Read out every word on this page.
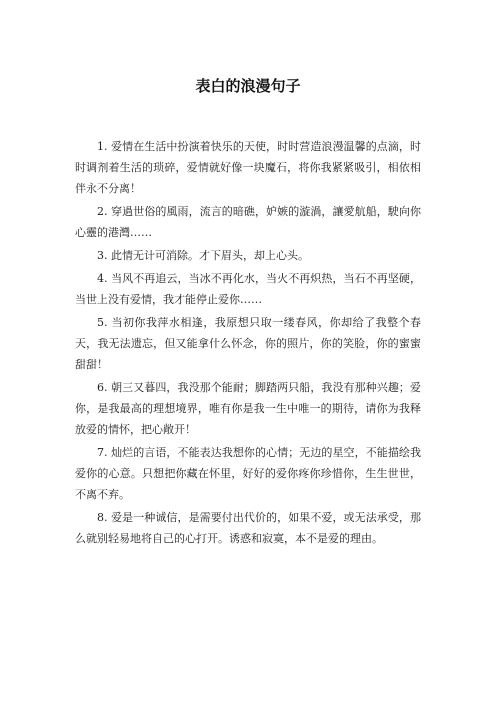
表白的浪漫句子

1. 爱情在生活中扮演着快乐的天使，时时营造浪漫温馨的点滴，时时调剂着生活的琐碎，爱情就好像一块魔石，将你我紧紧吸引，相依相伴永不分离！

2. 穿過世俗的風雨，流言的暗礁，妒嫉的漩渦，讓愛航船，駛向你心靈的港灣……

3. 此情无计可消除。才下眉头，却上心头。

4. 当风不再追云，当冰不再化水，当火不再炽热，当石不再坚硬，当世上没有爱情，我才能停止爱你……

5. 当初你我萍水相逢，我原想只取一缕春风，你却给了我整个春天，我无法遗忘，但又能拿什么怀念，你的照片，你的笑脸，你的蜜蜜甜甜！

6. 朝三又暮四，我没那个能耐；脚踏两只船，我没有那种兴趣；爱你，是我最高的理想境界，唯有你是我一生中唯一的期待，请你为我释放爱的情怀，把心敞开！

7. 灿烂的言语，不能表达我想你的心情；无边的星空，不能描绘我爱你的心意。只想把你藏在怀里，好好的爱你疼你珍惜你，生生世世，不离不弃。

8. 爱是一种诚信，是需要付出代价的，如果不爱，或无法承受，那么就别轻易地将自己的心打开。诱惑和寂寞，本不是爱的理由。
